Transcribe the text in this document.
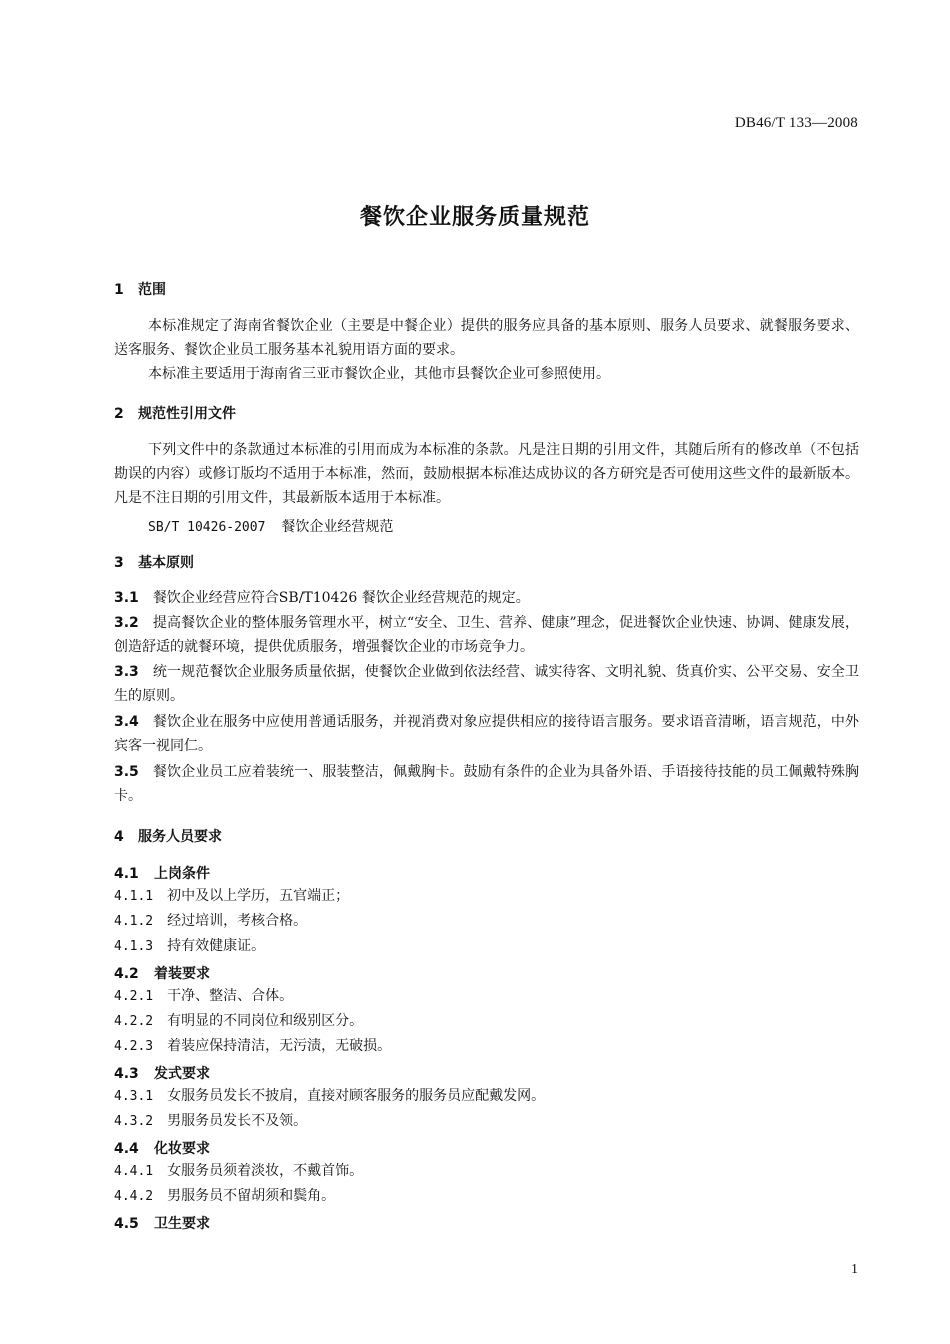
DB46/T 133—2008
餐饮企业服务质量规范
1 范围
本标准规定了海南省餐饮企业（主要是中餐企业）提供的服务应具备的基本原则、服务人员要求、就餐服务要求、送客服务、餐饮企业员工服务基本礼貌用语方面的要求。
本标准主要适用于海南省三亚市餐饮企业，其他市县餐饮企业可参照使用。
2 规范性引用文件
下列文件中的条款通过本标准的引用而成为本标准的条款。凡是注日期的引用文件，其随后所有的修改单（不包括勘误的内容）或修订版均不适用于本标准，然而，鼓励根据本标准达成协议的各方研究是否可使用这些文件的最新版本。凡是不注日期的引用文件，其最新版本适用于本标准。
SB/T 10426-2007 餐饮企业经营规范
3 基本原则
3.1 餐饮企业经营应符合SB/T10426 餐饮企业经营规范的规定。
3.2 提高餐饮企业的整体服务管理水平，树立“安全、卫生、营养、健康”理念，促进餐饮企业快速、协调、健康发展，创造舒适的就餐环境，提供优质服务，增强餐饮企业的市场竞争力。
3.3 统一规范餐饮企业服务质量依据，使餐饮企业做到依法经营、诚实待客、文明礼貌、货真价实、公平交易、安全卫生的原则。
3.4 餐饮企业在服务中应使用普通话服务，并视消费对象应提供相应的接待语言服务。要求语音清晰，语言规范，中外宾客一视同仁。
3.5 餐饮企业员工应着装统一、服装整洁，佩戴胸卡。鼓励有条件的企业为具备外语、手语接待技能的员工佩戴特殊胸卡。
4 服务人员要求
4.1 上岗条件
4.1.1 初中及以上学历，五官端正；
4.1.2 经过培训，考核合格。
4.1.3 持有效健康证。
4.2 着装要求
4.2.1 干净、整洁、合体。
4.2.2 有明显的不同岗位和级别区分。
4.2.3 着装应保持清洁，无污渍，无破损。
4.3 发式要求
4.3.1 女服务员发长不披肩，直接对顾客服务的服务员应配戴发网。
4.3.2 男服务员发长不及领。
4.4 化妆要求
4.4.1 女服务员须着淡妆，不戴首饰。
4.4.2 男服务员不留胡须和鬓角。
4.5 卫生要求
1
